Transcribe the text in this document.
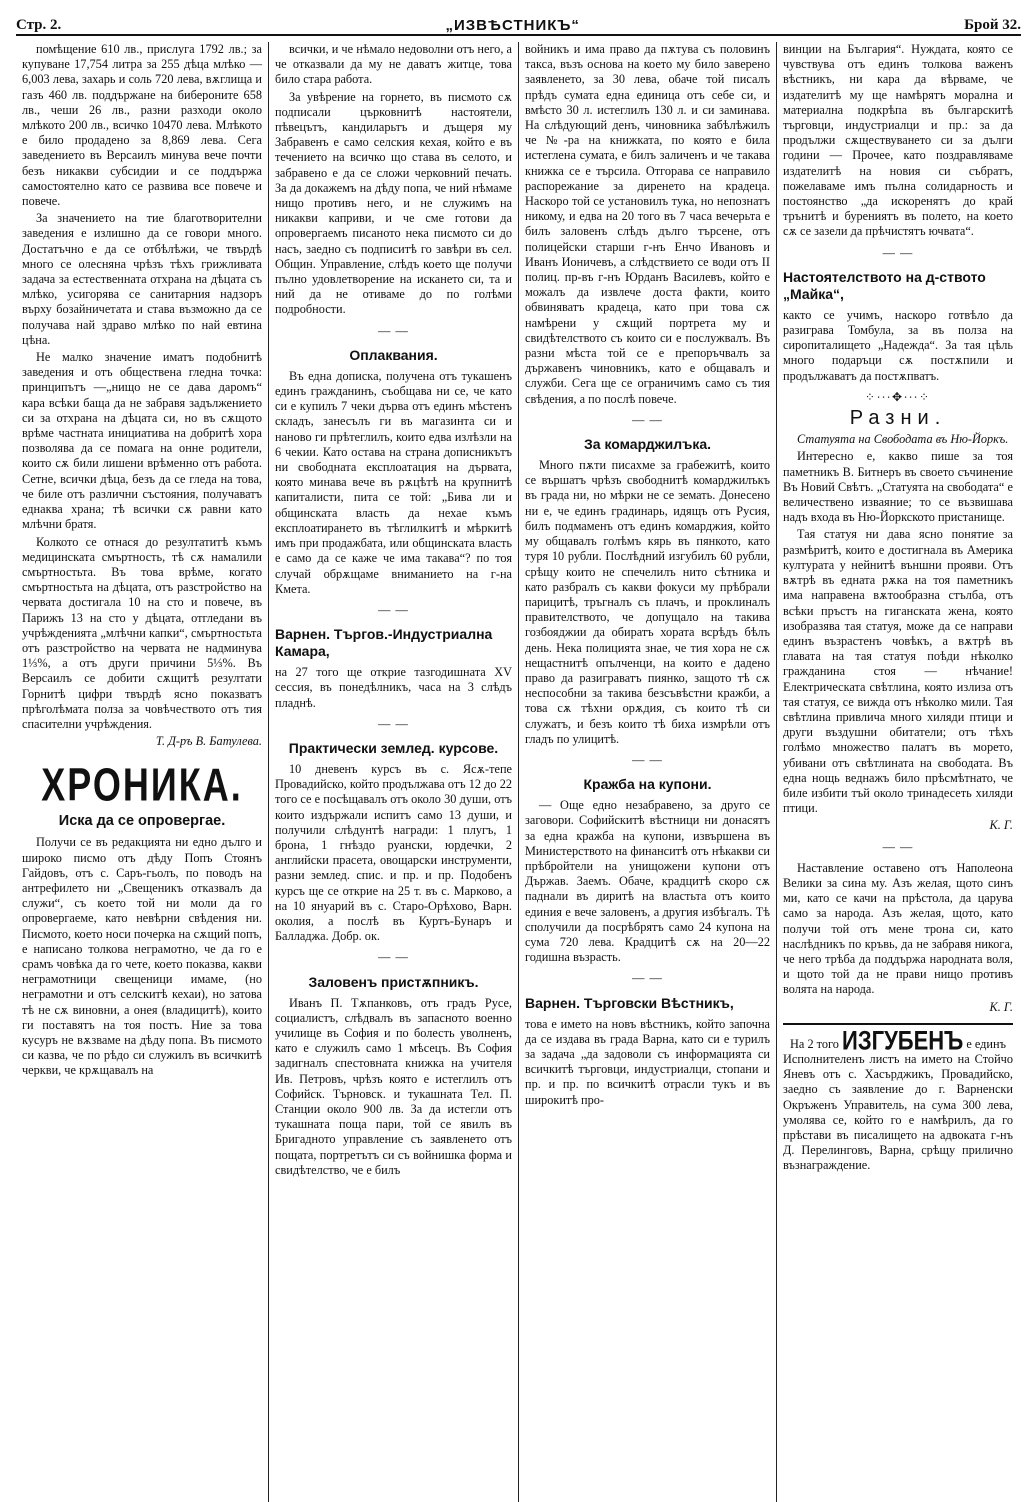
Стр. 2.	„ИЗВѢСТНИКЪ“	Брой 32.

помѣщение 610 лв., прислуга 1792 лв.; за купуване 17,754 литра за 255 дѣца млѣко — 6,003 лева, захарь и соль 720 лева, вѫглища и газъ 460 лв. поддържане на бибероните 658 лв., чеши 26 лв., разни разходи около млѣкото 200 лв., всичко 10470 лева. Млѣкото е било продадено за 8,869 лева. Сега заведението въ Версаилъ минува вече почти безъ никакви субсидии и се поддържа самостоятелно като се развива все повече и повече.

За значението на тие благотворителни заведения е излишно да се говори много. Достатъчно е да се отбѣлѣжи, че твърдѣ много се олесняна чрѣзъ тѣхъ грижливата задача за естественната отхрана на дѣцата съ млѣко, усигорява се санитарния надзоръ върху бозайничетата и става възможно да се получава най здраво млѣко по най евтина цѣна.

Не малко значение иматъ подобнитѣ заведения и отъ обществена гледна точка: принципътъ —„нищо не се дава даромъ“ кара всѣки баща да не забравя задължението си за отхрана на дѣцата си, но въ сѫщото врѣме частната инициатива на добритѣ хора позволява да се помага на онне родители, които сѫ били лишени врѣменно отъ работа. Сетне, всички дѣца, безъ да се гледа на това, че биле отъ различни състояния, получаватъ еднаква храна; тѣ всички сѫ равни като млѣчни братя.

Колкото се отнася до резултатитѣ къмъ медицинската смъртность, тѣ сѫ намалили смъртностьта. Въ това врѣме, когато смъртностьта на дѣцата, отъ разстройство на червата достигала 10 на сто и повече, въ Парижъ 13 на сто у дѣцата, отгледани въ учрѣжденията „млѣчни капки“, смъртностьта отъ разстройство на червата не надминува 1⅓%, а отъ други причини 5⅓%. Въ Версаилъ се добити сѫщитѣ резултати Горнитѣ цифри твърдѣ ясно показватъ прѣголѣмата полза за човѣчеството отъ тия спасителни учрѣждения.

Т. Д-ръ В. Батулева.
ХРОНИКА.
Иска да се опровергае.

Получи се въ редакцията ни едно дълго и широко писмо отъ дѣду Попъ Стоянъ Гайдовъ, отъ с. Саръ-гьолъ, по поводъ на антрефилето ни „Свещеникъ отказвалъ да служи“, съ което той ни моли да го опровергаеме, като невѣрни свѣдения ни. Писмото, което носи почерка на сѫщий попъ, е написано толкова неграмотно, че да го е срамъ човѣка да го чете, което показва, какви неграмотници свещеници имаме, (но неграмотни и отъ селскитѣ кехаи), но затова тѣ не сѫ виновни, а онея (владицитѣ), които ги поставятъ на тоя постъ. Ние за това кусуръ не вѫзваме на дѣду попа. Въ писмото си казва, че по рѣдо си служилъ въ всичкитѣ черкви, че крѫщавалъ на

всички, и че нѣмало недоволни отъ него, а че отказвали да му не даватъ житце, това било стара работа.

За увѣрение на горнето, въ писмото сѫ подписали църковнитѣ настоятели, пѣвецътъ, кандиларьтъ и дъщеря му Забравенъ е само селския кехая, който е въ течението на всичко що става въ селото, и забравено е да се сложи черковний печать. За да докажемъ на дѣду попа, че ний нѣмаме нищо противъ него, и не служимъ на никакви каприви, и че сме готови да опровергаемъ писаното нека писмото си до насъ, заедно съ подписитѣ го завѣри въ сел. Общин. Управление, слѣдъ което ще получи пълно удовлетворение на искането си, та и ний да не отиваме до по голѣми подробности.

— —
Оплаквания.

Въ една дописка, получена отъ тукашенъ единъ гражданинъ, съобщава ни се, че като си е купилъ 7 чеки дърва отъ единъ мѣстенъ складъ, занесълъ ги въ магазинта си и наново ги прѣтеглилъ, които едва излѣзли на 6 чекии. Като остава на страна дописникътъ ни свободната експлоатация на дървата, която минава вече въ рѫцѣтѣ на крупнитѣ капиталисти, пита се той: „Бива ли и общинската власть да нехае къмъ експлоатирането въ тѣглилкитѣ и мѣркитѣ имъ при продажбата, или общинската власть е само да се каже че има такава“? по тоя случай обрѫщаме вниманието на г-на Кмета.

— —
Варнен. Търгов.-Индустриална Камара,

на 27 того ще открие тазгодишната XV сессия, въ понедѣлникъ, часа на 3 слѣдъ пладнѣ.

— —
Практически землед. курсове.

10 дневенъ курсъ въ с. Ясѫ-тепе Провадийско, който продължава отъ 12 до 22 того се е посѣщавалъ отъ около 30 души, отъ които издържали испитъ само 13 души, и получили слѣдунтѣ награди: 1 плугъ, 1 брона, 1 гнѣздо руански, юрдечки, 2 английски прасета, овощарски инструменти, разни землед. спис. и пр. и пр. Подобенъ курсъ ще се открие на 25 т. въ с. Марково, а на 10 януарий въ с. Старо-Орѣхово, Варн. околия, а послѣ въ Куртъ-Бунаръ и Балладжа. Добр. ок.

— —
Заловенъ пристѫпникъ.

Иванъ П. Тѫпанковъ, отъ градъ Русе, социалистъ, слѣдвалъ въ запасното военно училище въ София и по болесть уволненъ, като е служилъ само 1 мѣсецъ. Въ София задигналъ спестовната книжка на учителя Ив. Петровъ, чрѣзъ която е истеглилъ отъ Софийск. Търновск. и тукашната Тел. П. Станции около 900 лв. За да истегли отъ тукашната поща пари, той се явилъ въ Бригадното управление съ заявленето отъ пощата, портретътъ си съ войнишка форма и свидѣтелство, че е билъ

войникъ и има право да пѫтува съ половинъ такса, възъ основа на което му било заверено заявленето, за 30 лева, обаче той писалъ прѣдъ сумата една единица отъ себе си, и вмѣсто 30 л. истеглилъ 130 л. и си заминава. На слѣдующий денъ, чиновника забѣлѣжилъ че №-ра на книжката, по която е била истеглена сумата, е билъ заличенъ и че такава книжка се е търсила. Отгорава се направило распорежание за диренето на крадеца. Наскоро той се установилъ тука, но непознатъ никому, и едва на 20 того въ 7 часа вечерьта е билъ заловенъ слѣдъ дълго търсене, отъ полицейски старши г-нъ Енчо Ивановъ и Иванъ Ионичевъ, а слѣдствието се води отъ II полиц. пр-въ г-нъ Юрданъ Василевъ, който е можалъ да извлече доста факти, които обвиняватъ крадеца, като при това сѫ намѣрени у сѫщий портрета му и свидѣтелството съ които си е послужвалъ. Въ разни мѣста той се е препоръчвалъ за държавенъ чиновникъ, като е общавалъ и служби. Сега ще се ограничимъ само съ тия свѣдения, а по послѣ повече.

— —
За комарджилъка.

Много пѫти писахме за грабежитѣ, които се вършатъ чрѣзъ свободнитѣ комарджилъкъ въ града ни, но мѣрки не се земать. Донесено ни е, че единъ градинарь, идящъ отъ Русия, билъ подмаменъ отъ единъ комарджия, който му общавалъ голѣмъ кярь въ пянкото, като туря 10 рубли. Послѣдний изгубилъ 60 рубли, срѣщу които не спечелилъ нито сѣтника и като разбралъ съ какви фокуси му прѣбрали парицитѣ, тръгналъ съ плачъ, и проклиналъ правителството, че допущало на такива гозбояджии да обиратъ хората всрѣдъ бѣлъ день. Нека полицията знае, че тия хора не сѫ нещастнитѣ опълченци, на които е дадено право да разиграватъ пиянко, защото тѣ сѫ неспособни за такива безсъвѣстни кражби, а това сѫ тѣхни орѫдия, съ които тѣ си служатъ, и безъ които тѣ биха измрѣли отъ гладъ по улицитѣ.

— —
Кражба на купони.

— Още едно незабравено, за друго се заговори. Софийскитѣ вѣстници ни донасятъ за една кражба на купони, извършена въ Министерството на финанситѣ отъ нѣкакви си прѣбройтели на унищожени купони отъ Държав. Заемъ. Обаче, крадцитѣ скоро сѫ паднали въ диритѣ на властьта отъ които единия е вече заловенъ, а другия избѣгалъ. Тѣ сполучили да посрѣбрятъ само 24 купона на сума 720 лева. Крадцитѣ сѫ на 20—22 годишна възрасть.

— —
Варнен. Търговски Вѣстникъ,

това е името на новъ вѣстникъ, който започна да се издава въ града Варна, като си е турилъ за задача „да задоволи съ информацията си всичкитѣ търговци, индустриалци, стопани и пр. и пр. по всичкитѣ отрасли тукъ и въ широкитѣ про-

винции на България“. Нуждата, която се чувствува отъ единъ толкова важенъ вѣстникъ, ни кара да вѣрваме, че издателитѣ му ще намѣрятъ морална и материална подкрѣпа въ българскитѣ търговци, индустриалци и пр.: за да продължи сѫществуването си за дълги години — Прочее, като поздравляваме издателитѣ на новия си събратъ, пожелаваме имъ пълна солидарность и постоянство „да искоренятъ до край трънитѣ и бурениятъ въ полето, на което сѫ се зазели да прѣчистятъ ючвата“.

— —
Настоятелството на д-ството „Майка“,

както се учимъ, наскоро готвѣло да разиграва Томбула, за въ полза на сиропиталището „Надежда“. За тая цѣль много подаръци сѫ постѫпили и продължаватъ да постѫпватъ.

⁘∙∙∙✥∙∙∙⁘
Разни.

Статуята на Свободата въ Ню-Йоркъ.

Интересно е, какво пише за тоя паметникъ В. Битнеръ въ своето съчинение Въ Новий Свѣтъ. „Статуята на свободата“ е величествено изваяние; то се възвишава надъ входа въ Ню-Йоркското пристанище.

Тая статуя ни дава ясно понятие за размѣритѣ, които е достигнала въ Америка културата у нейнитѣ външни прояви. Отъ вѫтрѣ въ едната рѫка на тоя паметникъ има направена вѫтообразна стълба, отъ всѣки пръстъ на гиганската жена, която изобразява тая статуя, може да се направи единъ възрастенъ човѣкъ, а вѫтрѣ въ главата на тая статуя поѣди нѣколко гражданина стоя — нѣчание! Електрическата свѣтлина, която излиза отъ тая статуя, се вижда отъ нѣколко мили. Тая свѣтлина привлича много хиляди птици и други въздушни обитатели; отъ тѣхъ голѣмо множество палатъ въ морето, убивани отъ свѣтлината на свободата. Въ една нощь веднажъ било прѣсмѣтнато, че биле избити тъй около тринадесеть хиляди птици.

К. Г.
— —

Наставление оставено отъ Наполеона Велики за сина му. Азъ желая, щото синъ ми, като се качи на прѣстола, да царува само за народа. Азъ желая, щото, като получи той отъ мене трона си, като наслѣдникъ по кръвь, да не забравя никога, че него трѣба да поддържа народната воля, и щото той да не прави нищо противъ волята на народа.

К. Г.
На 2 того ИЗГУБЕНЪ е единъ

Исполнителенъ листъ на името на Стойчо Яневъ отъ с. Хасърджикъ, Провадийско, заедно съ заявление до г. Варненски Окръженъ Управитель, на сума 300 лева, умолява се, който го е намѣрилъ, да го прѣстави въ писалището на адвоката г-нъ Д. Перелинговъ, Варна, срѣщу прилично възнаграждение.
